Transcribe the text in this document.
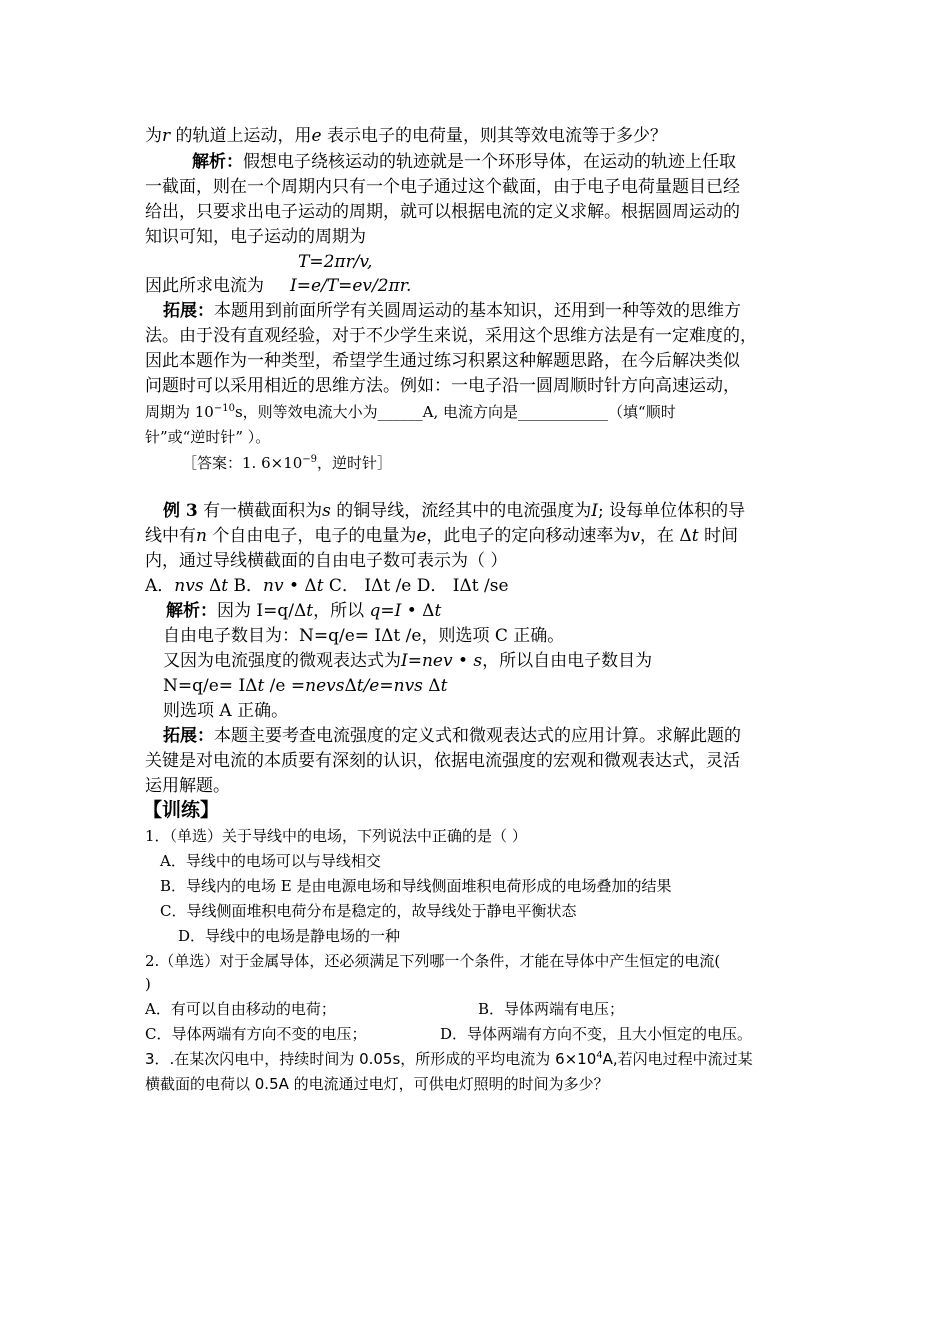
为r 的轨道上运动，用e 表示电子的电荷量，则其等效电流等于多少？
解析：假想电子绕核运动的轨迹就是一个环形导体，在运动的轨迹上任取
一截面，则在一个周期内只有一个电子通过这个截面，由于电子电荷量题目已经
给出，只要求出电子运动的周期，就可以根据电流的定义求解。根据圆周运动的
知识可知，电子运动的周期为
T=2πr/v,
因此所求电流为 I=e/T=ev/2πr.
拓展：本题用到前面所学有关圆周运动的基本知识，还用到一种等效的思维方
法。由于没有直观经验，对于不少学生来说，采用这个思维方法是有一定难度的，
因此本题作为一种类型，希望学生通过练习积累这种解题思路，在今后解决类似
问题时可以采用相近的思维方法。例如：一电子沿一圆周顺时针方向高速运动，
周期为 $10^{-10}s$，则等效电流大小为______A, 电流方向是____________（填“顺时
针”或“逆时针” ）。
［答案：1. $6\times 10^{-9}$，逆时针］
例 3 有一横截面积为s 的铜导线，流经其中的电流强度为I; 设每单位体积的导
线中有n 个自由电子，电子的电量为e，此电子的定向移动速率为v，在 Δt 时间
内，通过导线横截面的自由电子数可表示为（ ）
A．nvs Δt B．nv • Δt C． IΔt /e D． IΔt /se
解析：因为 I=q/Δt，所以 q=I • Δt
自由电子数目为：N=q/e= IΔt /e，则选项 C 正确。
又因为电流强度的微观表达式为I=nev • s，所以自由电子数目为
N=q/e= IΔt /e =nevsΔt/e=nvs Δt
则选项 A 正确。
拓展：本题主要考查电流强度的定义式和微观表达式的应用计算。求解此题的
关键是对电流的本质要有深刻的认识，依据电流强度的宏观和微观表达式，灵活
运用解题。
【训练】
1．（单选）关于导线中的电场，下列说法中正确的是（ ）
A．导线中的电场可以与导线相交
B．导线内的电场 E 是由电源电场和导线侧面堆积电荷形成的电场叠加的结果
C．导线侧面堆积电荷分布是稳定的，故导线处于静电平衡状态
D．导线中的电场是静电场的一种
2.（单选）对于金属导体，还必须满足下列哪一个条件，才能在导体中产生恒定的电流(
)
A．有可以自由移动的电荷；	B．导体两端有电压；
C．导体两端有方向不变的电压；	D．导体两端有方向不变，且大小恒定的电压。
3．.在某次闪电中，持续时间为 0.05s，所形成的平均电流为 $6\times 10^4A$,若闪电过程中流过某
横截面的电荷以 0.5A 的电流通过电灯，可供电灯照明的时间为多少？
